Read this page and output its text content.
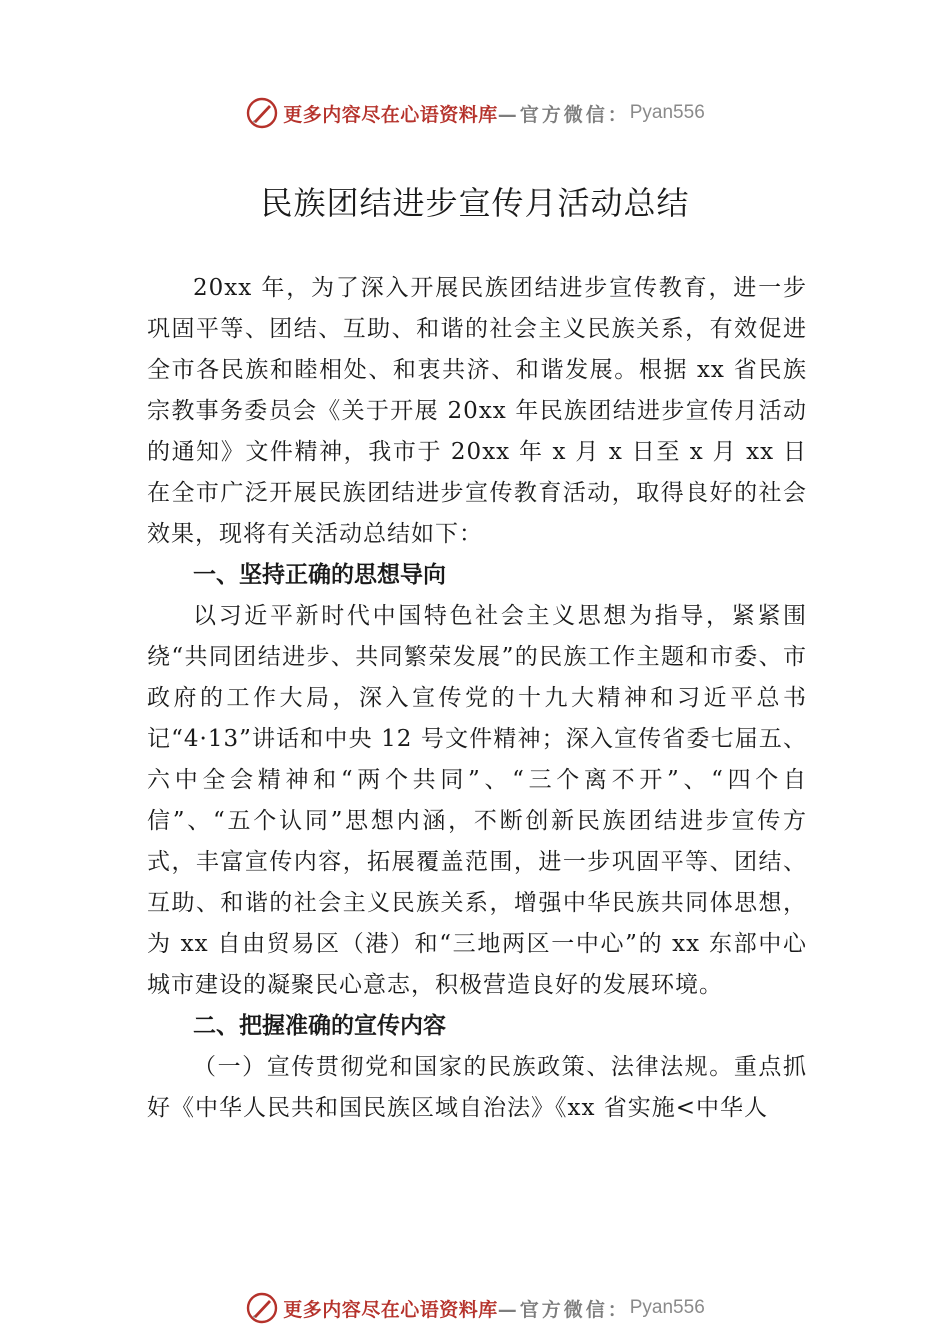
更多内容尽在心语资料库 —官方微信： Pyan556
民族团结进步宣传月活动总结

20xx 年，为了深入开展民族团结进步宣传教育，进一步巩固平等、团结、互助、和谐的社会主义民族关系，有效促进全市各民族和睦相处、和衷共济、和谐发展。根据 xx 省民族宗教事务委员会《关于开展 20xx 年民族团结进步宣传月活动的通知》文件精神，我市于 20xx 年 x 月 x 日至 x 月 xx 日在全市广泛开展民族团结进步宣传教育活动，取得良好的社会效果，现将有关活动总结如下：

一、坚持正确的思想导向

以习近平新时代中国特色社会主义思想为指导，紧紧围绕“共同团结进步、共同繁荣发展”的民族工作主题和市委、市政府的工作大局，深入宣传党的十九大精神和习近平总书记“4·13”讲话和中央 12 号文件精神；深入宣传省委七届五、六中全会精神和“两个共同”、“三个离不开”、“四个自信”、“五个认同”思想内涵，不断创新民族团结进步宣传方式，丰富宣传内容，拓展覆盖范围，进一步巩固平等、团结、互助、和谐的社会主义民族关系，增强中华民族共同体思想， 为 xx 自由贸易区（港）和“三地两区一中心”的 xx 东部中心城市建设的凝聚民心意志，积极营造良好的发展环境。

二、把握准确的宣传内容

（一）宣传贯彻党和国家的民族政策、法律法规。重点抓好《中华人民共和国民族区域自治法》《xx 省实施<中华人

更多内容尽在心语资料库 —官方微信： Pyan556
